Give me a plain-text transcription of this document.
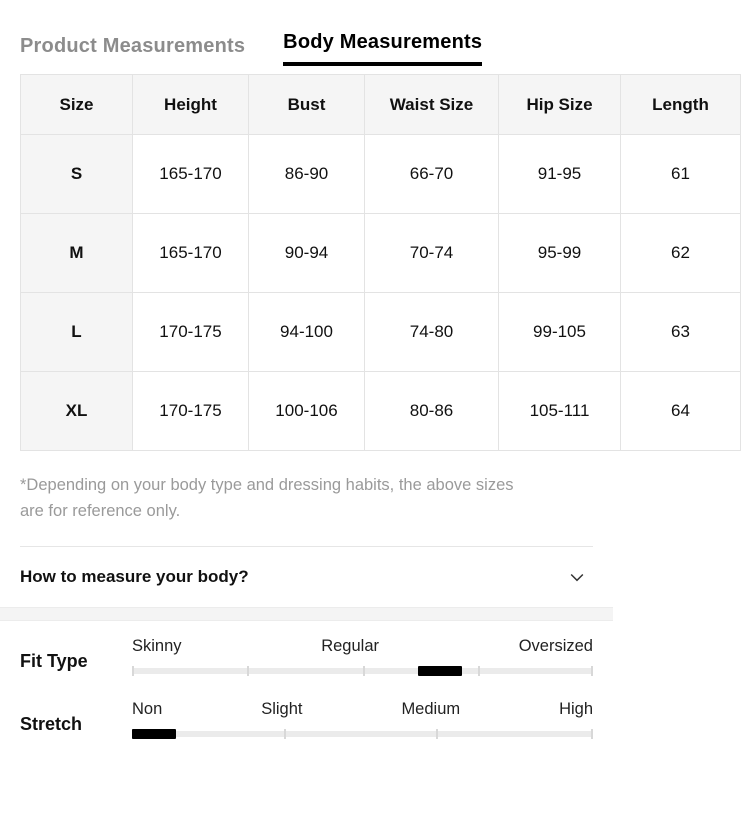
Product Measurements Body Measurements
Size	Height	Bust	Waist Size	Hip Size	Length
S	165-170	86-90	66-70	91-95	61
M	165-170	90-94	70-74	95-99	62
L	170-175	94-100	74-80	99-105	63
XL	170-175	100-106	80-86	105-111	64
*Depending on your body type and dressing habits, the above sizes are for reference only.
How to measure your body?
Fit Type
Skinny	Regular	Oversized
Stretch
Non	Slight	Medium	High
